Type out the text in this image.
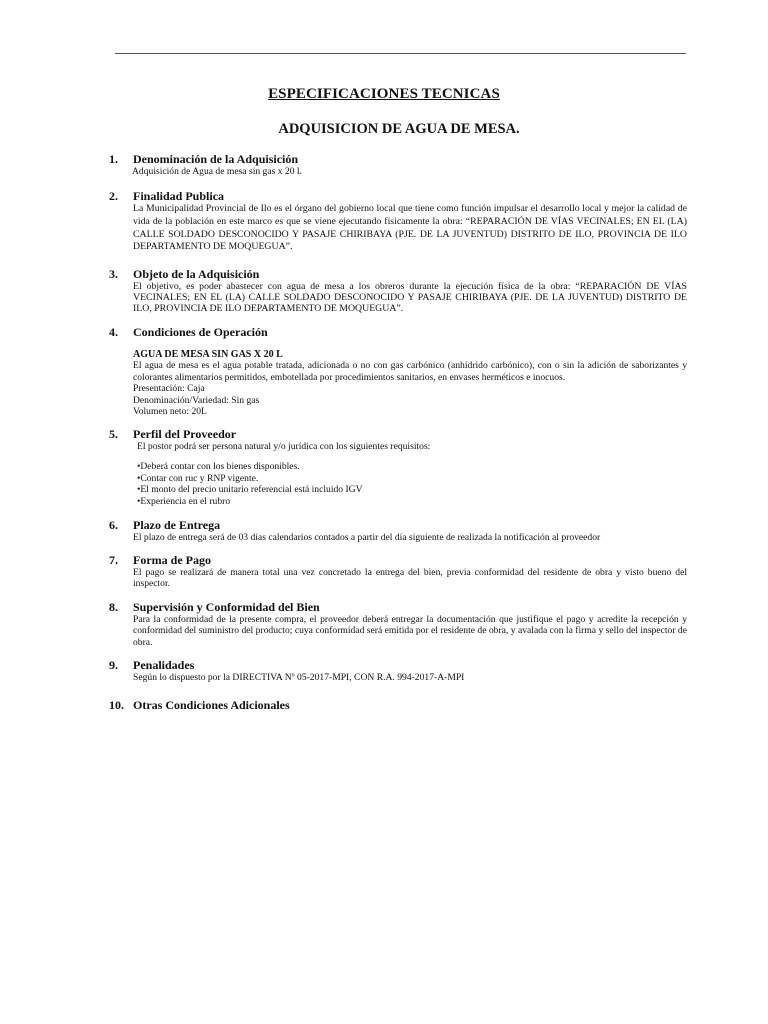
ESPECIFICACIONES TECNICAS
ADQUISICION DE AGUA DE MESA.
1.	Denominación de la Adquisición
Adquisición de Agua de mesa sin gas x 20 l.
2.	Finalidad Publica
La Municipalidad Provincial de Ilo es el órgano del gobierno local que tiene como función impulsar el desarrollo local y mejor la calidad de vida de la población en este marco es que se viene ejecutando físicamente la obra: “REPARACIÓN DE VÍAS VECINALES; EN EL (LA) CALLE SOLDADO DESCONOCIDO Y PASAJE CHIRIBAYA (PJE. DE LA JUVENTUD) DISTRITO DE ILO, PROVINCIA DE ILO DEPARTAMENTO DE MOQUEGUA”.
3.	Objeto de la Adquisición
El objetivo, es poder abastecer con agua de mesa a los obreros durante la ejecución física de la obra: “REPARACIÓN DE VÍAS VECINALES; EN EL (LA) CALLE SOLDADO DESCONOCIDO Y PASAJE CHIRIBAYA (PJE. DE LA JUVENTUD) DISTRITO DE ILO, PROVINCIA DE ILO DEPARTAMENTO DE MOQUEGUA”.
4.	Condiciones de Operación
AGUA DE MESA SIN GAS X 20 L
El agua de mesa es el agua potable tratada, adicionada o no con gas carbónico (anhídrido carbónico), con o sin la adición de saborizantes y colorantes alimentarios permitidos, embotellada por procedimientos sanitarios, en envases herméticos e inocuos.
Presentación: Caja
Denominación/Variedad: Sin gas
Volumen neto: 20L
5.	Perfil del Proveedor
El postor podrá ser persona natural y/o jurídica con los siguientes requisitos:
•Deberá contar con los bienes disponibles.
•Contar con ruc y RNP vigente.
•El monto del precio unitario referencial está incluido IGV
•Experiencia en el rubro
6.	Plazo de Entrega
El plazo de entrega será de 03 días calendarios contados a partir del día siguiente de realizada la notificación al proveedor
7.	Forma de Pago
El pago se realizará de manera total una vez concretado la entrega del bien, previa conformidad del residente de obra y visto bueno del inspector.
8.	Supervisión y Conformidad del Bien
Para la conformidad de la presente compra, el proveedor deberá entregar la documentación que justifique el pago y acredite la recepción y conformidad del suministro del producto; cuya conformidad será emitida por el residente de obra, y avalada con la firma y sello del inspector de obra.
9.	Penalidades
Según lo dispuesto por la DIRECTIVA Nº 05-2017-MPI, CON R.A. 994-2017-A-MPI
10. Otras Condiciones Adicionales
